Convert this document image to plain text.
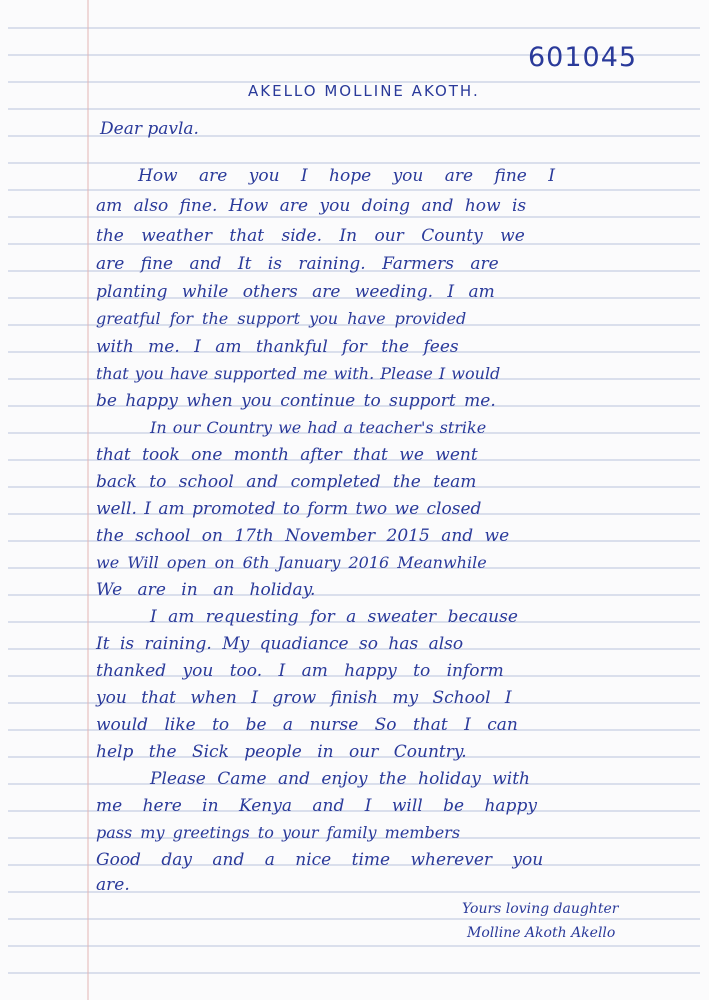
601045
AKELLO MOLLINE AKOTH.
Dear pavla.
How are you I hope you are fine I
am also fine. How are you doing and how is
the weather that side. In our County we
are fine and It is raining. Farmers are
planting while others are weeding. I am
greatful for the support you have provided
with me. I am thankful for the fees
that you have supported me with. Please I would
be happy when you continue to support me.
In our Country we had a teacher's strike
that took one month after that we went
back to school and completed the team
well. I am promoted to form two we closed
the school on 17th November 2015 and we
we Will open on 6th January 2016 Meanwhile
We are in an holiday.
I am requesting for a sweater because
It is raining. My quadiance so has also
thanked you too. I am happy to inform
you that when I grow finish my School I
would like to be a nurse So that I can
help the Sick people in our Country.
Please Came and enjoy the holiday with
me here in Kenya and I will be happy
pass my greetings to your family members
Good day and a nice time wherever you
are.
Yours loving daughter
Molline Akoth Akello
